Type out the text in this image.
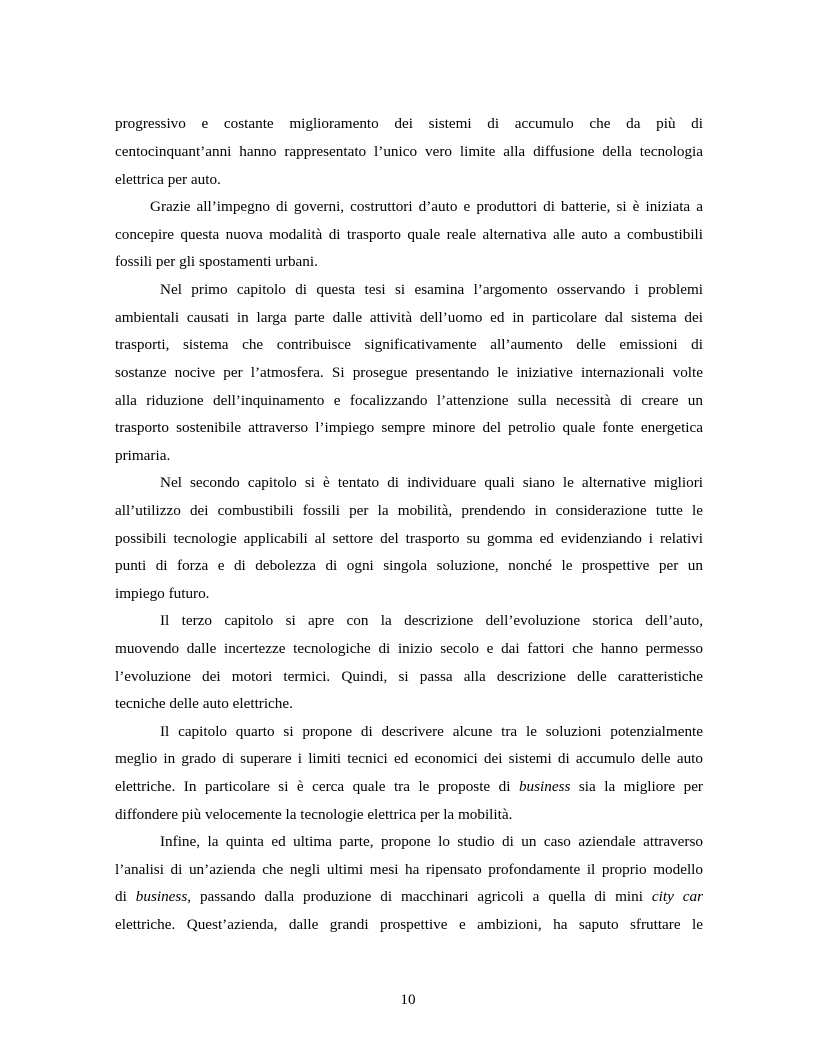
progressivo e costante miglioramento dei sistemi di accumulo che da più di

centocinquant’anni hanno rappresentato l’unico vero limite alla diffusione della tecnologia

elettrica per auto.

Grazie all’impegno di governi, costruttori d’auto e produttori di batterie, si è iniziata a

concepire questa nuova modalità di trasporto quale reale alternativa alle auto a combustibili

fossili per gli spostamenti urbani.

Nel primo capitolo di questa tesi si esamina l’argomento osservando i problemi

ambientali causati in larga parte dalle attività dell’uomo ed in particolare dal sistema dei

trasporti, sistema che contribuisce significativamente all’aumento delle emissioni di

sostanze nocive per l’atmosfera. Si prosegue presentando le iniziative internazionali volte

alla riduzione dell’inquinamento e focalizzando l’attenzione sulla necessità di creare un

trasporto sostenibile attraverso l’impiego sempre minore del petrolio quale fonte energetica

primaria.

Nel secondo capitolo si è tentato di individuare quali siano le alternative migliori

all’utilizzo dei combustibili fossili per la mobilità, prendendo in considerazione tutte le

possibili tecnologie applicabili al settore del trasporto su gomma ed evidenziando i relativi

punti di forza e di debolezza di ogni singola soluzione, nonché le prospettive per un

impiego futuro.

Il terzo capitolo si apre con la descrizione dell’evoluzione storica dell’auto,

muovendo dalle incertezze tecnologiche di inizio secolo e dai fattori che hanno permesso

l’evoluzione dei motori termici. Quindi, si passa alla descrizione delle caratteristiche

tecniche delle auto elettriche.

Il capitolo quarto si propone di descrivere alcune tra le soluzioni potenzialmente

meglio in grado di superare i limiti tecnici ed economici dei sistemi di accumulo delle auto

elettriche. In particolare si è cerca quale tra le proposte di business sia la migliore per

diffondere più velocemente la tecnologie elettrica per la mobilità.

Infine, la quinta ed ultima parte, propone lo studio di un caso aziendale attraverso

l’analisi di un’azienda che negli ultimi mesi ha ripensato profondamente il proprio modello

di business, passando dalla produzione di macchinari agricoli a quella di mini city car

elettriche. Quest’azienda, dalle grandi prospettive e ambizioni, ha saputo sfruttare le

10
